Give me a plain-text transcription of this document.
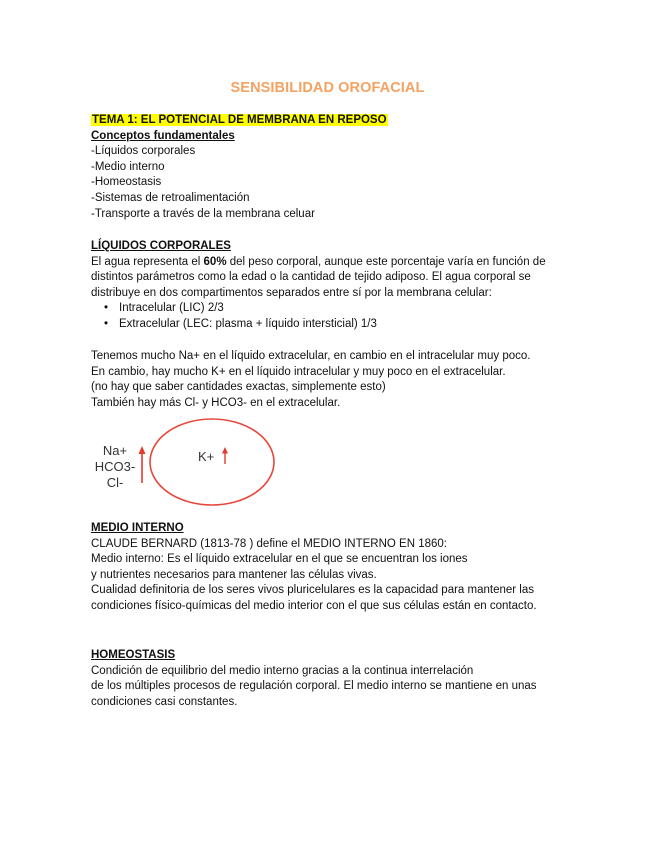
SENSIBILIDAD OROFACIAL
TEMA 1: EL POTENCIAL DE MEMBRANA EN REPOSO
Conceptos fundamentales
-Líquidos corporales
-Medio interno
-Homeostasis
-Sistemas de retroalimentación
-Transporte a través de la membrana celuar
LÍQUIDOS CORPORALES
El agua representa el 60% del peso corporal, aunque este porcentaje varía en función de
distintos parámetros como la edad o la cantidad de tejido adiposo. El agua corporal se
distribuye en dos compartimentos separados entre sí por la membrana celular:
• Intracelular (LIC) 2/3
• Extracelular (LEC: plasma + líquido intersticial) 1/3
Tenemos mucho Na+ en el líquido extracelular, en cambio en el intracelular muy poco.
En cambio, hay mucho K+ en el líquido intracelular y muy poco en el extracelular.
(no hay que saber cantidades exactas, simplemente esto)
También hay más Cl- y HCO3- en el extracelular.
Na+
HCO3-
Cl-
K+
MEDIO INTERNO
CLAUDE BERNARD (1813-78 ) define el MEDIO INTERNO EN 1860:
Medio interno: Es el líquido extracelular en el que se encuentran los iones
y nutrientes necesarios para mantener las células vivas.
Cualidad definitoria de los seres vivos pluricelulares es la capacidad para mantener las
condiciones físico-químicas del medio interior con el que sus células están en contacto.
HOMEOSTASIS
Condición de equilibrio del medio interno gracias a la continua interrelación
de los múltiples procesos de regulación corporal. El medio interno se mantiene en unas
condiciones casi constantes.
